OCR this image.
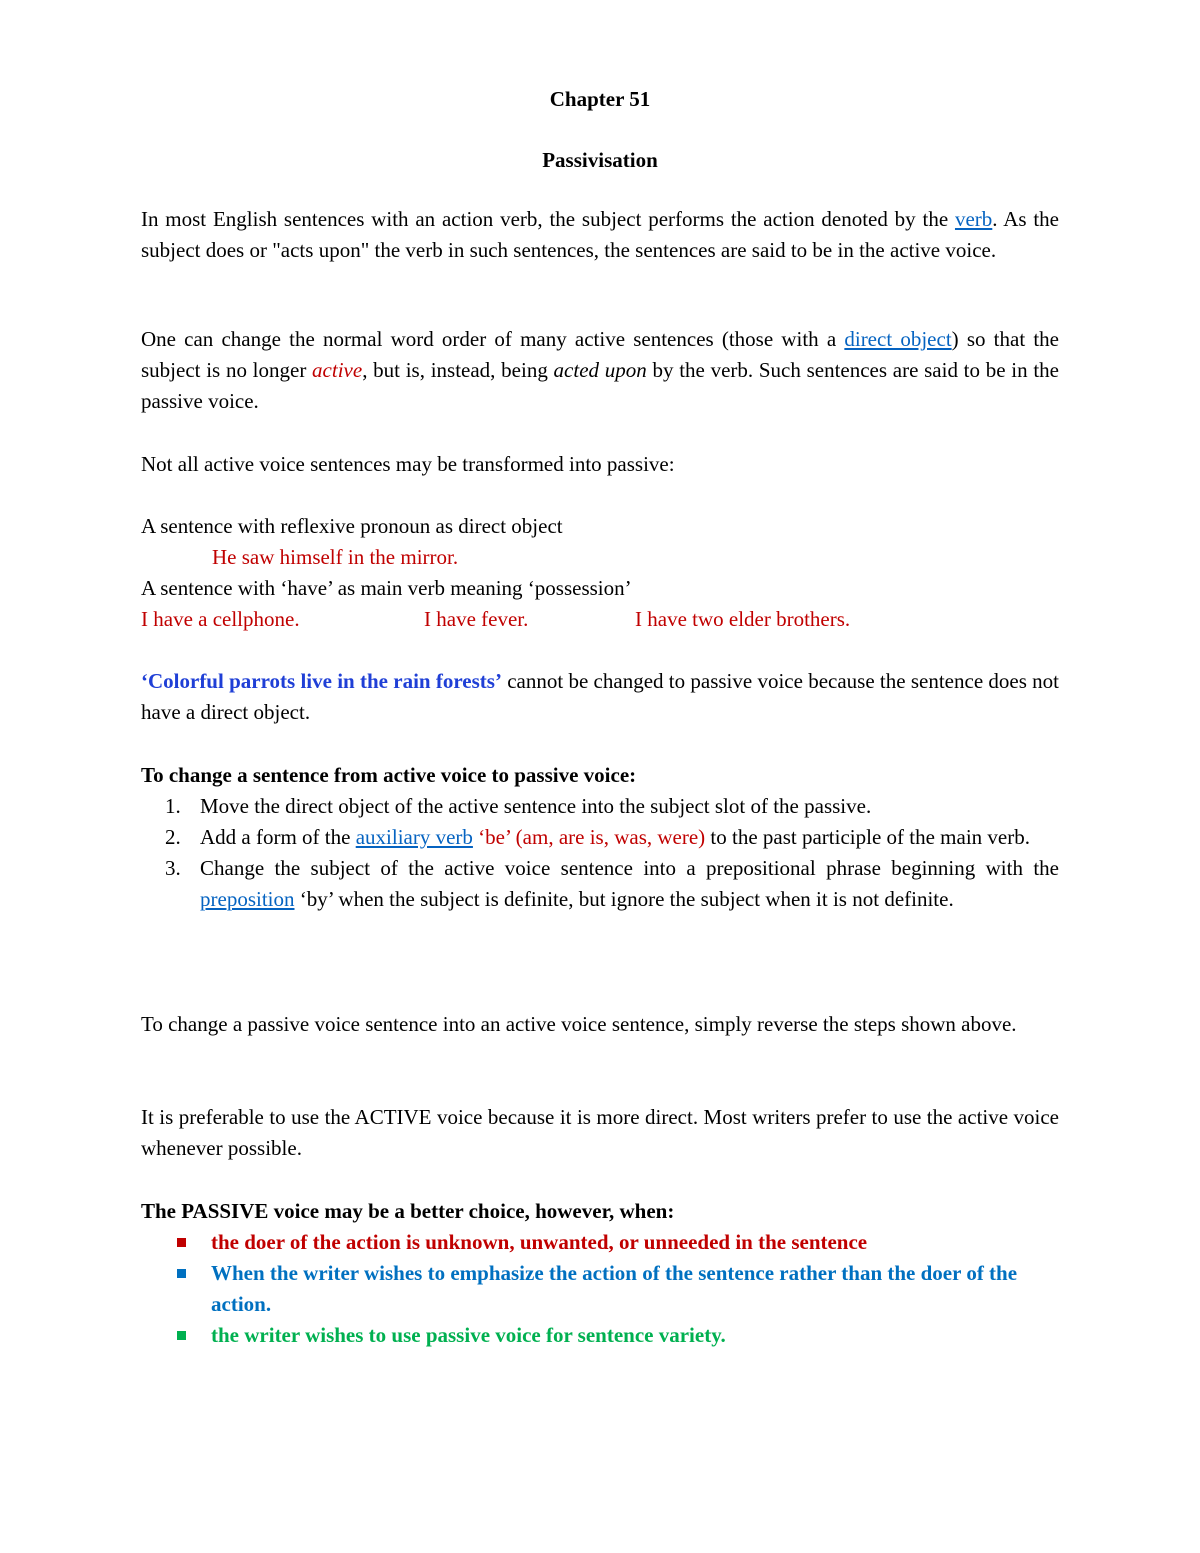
Chapter 51
Passivisation
In most English sentences with an action verb, the subject performs the action denoted by the verb. As the subject does or "acts upon" the verb in such sentences, the sentences are said to be in the active voice.
One can change the normal word order of many active sentences (those with a direct object) so that the subject is no longer active, but is, instead, being acted upon by the verb. Such sentences are said to be in the passive voice.
Not all active voice sentences may be transformed into passive:
A sentence with reflexive pronoun as direct object
He saw himself in the mirror.
A sentence with ‘have’ as main verb meaning ‘possession’
I have a cellphone.	I have fever.	I have two elder brothers.
‘Colorful parrots live in the rain forests’ cannot be changed to passive voice because the sentence does not have a direct object.
To change a sentence from active voice to passive voice:
1. Move the direct object of the active sentence into the subject slot of the passive.
2. Add a form of the auxiliary verb ‘be’ (am, are is, was, were) to the past participle of the main verb.
3. Change the subject of the active voice sentence into a prepositional phrase beginning with the preposition ‘by’ when the subject is definite, but ignore the subject when it is not definite.
To change a passive voice sentence into an active voice sentence, simply reverse the steps shown above.
It is preferable to use the ACTIVE voice because it is more direct. Most writers prefer to use the active voice whenever possible.
The PASSIVE voice may be a better choice, however, when:
the doer of the action is unknown, unwanted, or unneeded in the sentence
When the writer wishes to emphasize the action of the sentence rather than the doer of the action.
the writer wishes to use passive voice for sentence variety.
